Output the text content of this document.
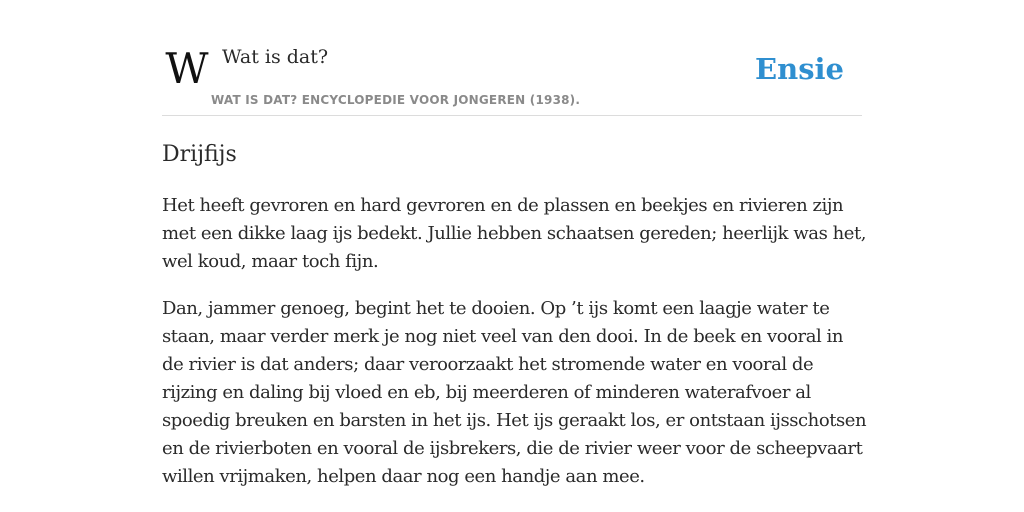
W Wat is dat?
WAT IS DAT? ENCYCLOPEDIE VOOR JONGEREN (1938).
Ensie
Drijfijs

Het heeft gevroren en hard gevroren en de plassen en beekjes en rivieren zijn met een dikke laag ijs bedekt. Jullie hebben schaatsen gereden; heerlijk was het, wel koud, maar toch fijn.

Dan, jammer genoeg, begint het te dooien. Op ’t ijs komt een laagje water te staan, maar verder merk je nog niet veel van den dooi. In de beek en vooral in de rivier is dat anders; daar veroorzaakt het stromende water en vooral de rijzing en daling bij vloed en eb, bij meerderen of minderen waterafvoer al spoedig breuken en barsten in het ijs. Het ijs geraakt los, er ontstaan ijsschotsen en de rivierboten en vooral de ijsbrekers, die de rivier weer voor de scheepvaart willen vrijmaken, helpen daar nog een handje aan mee.
